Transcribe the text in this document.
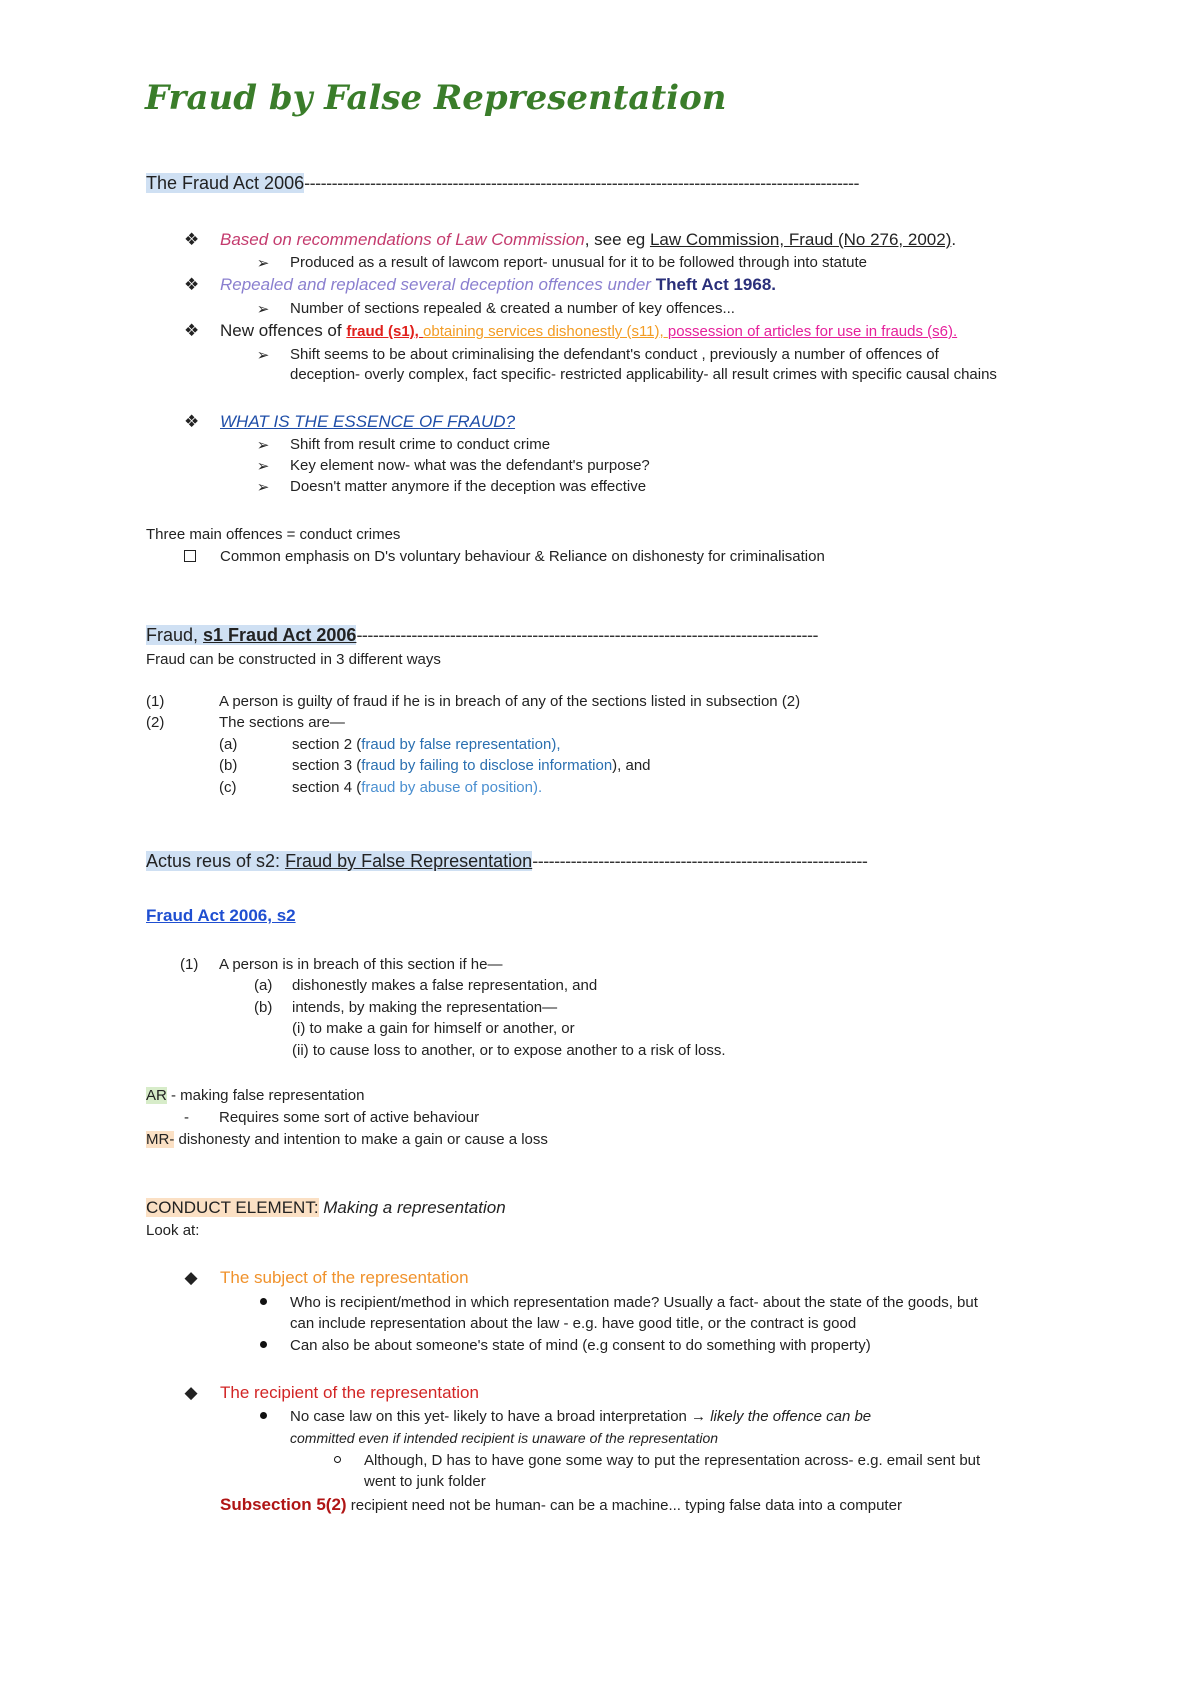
Fraud by False Representation
The Fraud Act 2006-----------------------------------------------------------------------------------------------------
❖ Based on recommendations of Law Commission, see eg Law Commission, Fraud (No 276, 2002).
➢ Produced as a result of lawcom report- unusual for it to be followed through into statute
❖ Repealed and replaced several deception offences under Theft Act 1968.
➢ Number of sections repealed & created a number of key offences...
❖ New offences of fraud (s1), obtaining services dishonestly (s11), possession of articles for use in frauds (s6).
➢ Shift seems to be about criminalising the defendant's conduct , previously a number of offences of
deception- overly complex, fact specific- restricted applicability- all result crimes with specific causal chains
❖ WHAT IS THE ESSENCE OF FRAUD?
➢ Shift from result crime to conduct crime
➢ Key element now- what was the defendant's purpose?
➢ Doesn't matter anymore if the deception was effective
Three main offences = conduct crimes
Common emphasis on D's voluntary behaviour & Reliance on dishonesty for criminalisation
Fraud, s1 Fraud Act 2006------------------------------------------------------------------------------------
Fraud can be constructed in 3 different ways
(1)	A person is guilty of fraud if he is in breach of any of the sections listed in subsection (2)
(2)	The sections are—
(a)	section 2 (fraud by false representation),
(b)	section 3 (fraud by failing to disclose information), and
(c)	section 4 (fraud by abuse of position).
Actus reus of s2: Fraud by False Representation-------------------------------------------------------------
Fraud Act 2006, s2
(1) A person is in breach of this section if he—
(a) dishonestly makes a false representation, and
(b) intends, by making the representation—
(i) to make a gain for himself or another, or
(ii) to cause loss to another, or to expose another to a risk of loss.
AR - making false representation
- Requires some sort of active behaviour
MR- dishonesty and intention to make a gain or cause a loss
CONDUCT ELEMENT: Making a representation
Look at:
◆ The subject of the representation
Who is recipient/method in which representation made? Usually a fact- about the state of the goods, but
can include representation about the law - e.g. have good title, or the contract is good
Can also be about someone's state of mind (e.g consent to do something with property)
◆ The recipient of the representation
No case law on this yet- likely to have a broad interpretation → likely the offence can be
committed even if intended recipient is unaware of the representation
Although, D has to have gone some way to put the representation across- e.g. email sent but
went to junk folder
Subsection 5(2) recipient need not be human- can be a machine... typing false data into a computer
